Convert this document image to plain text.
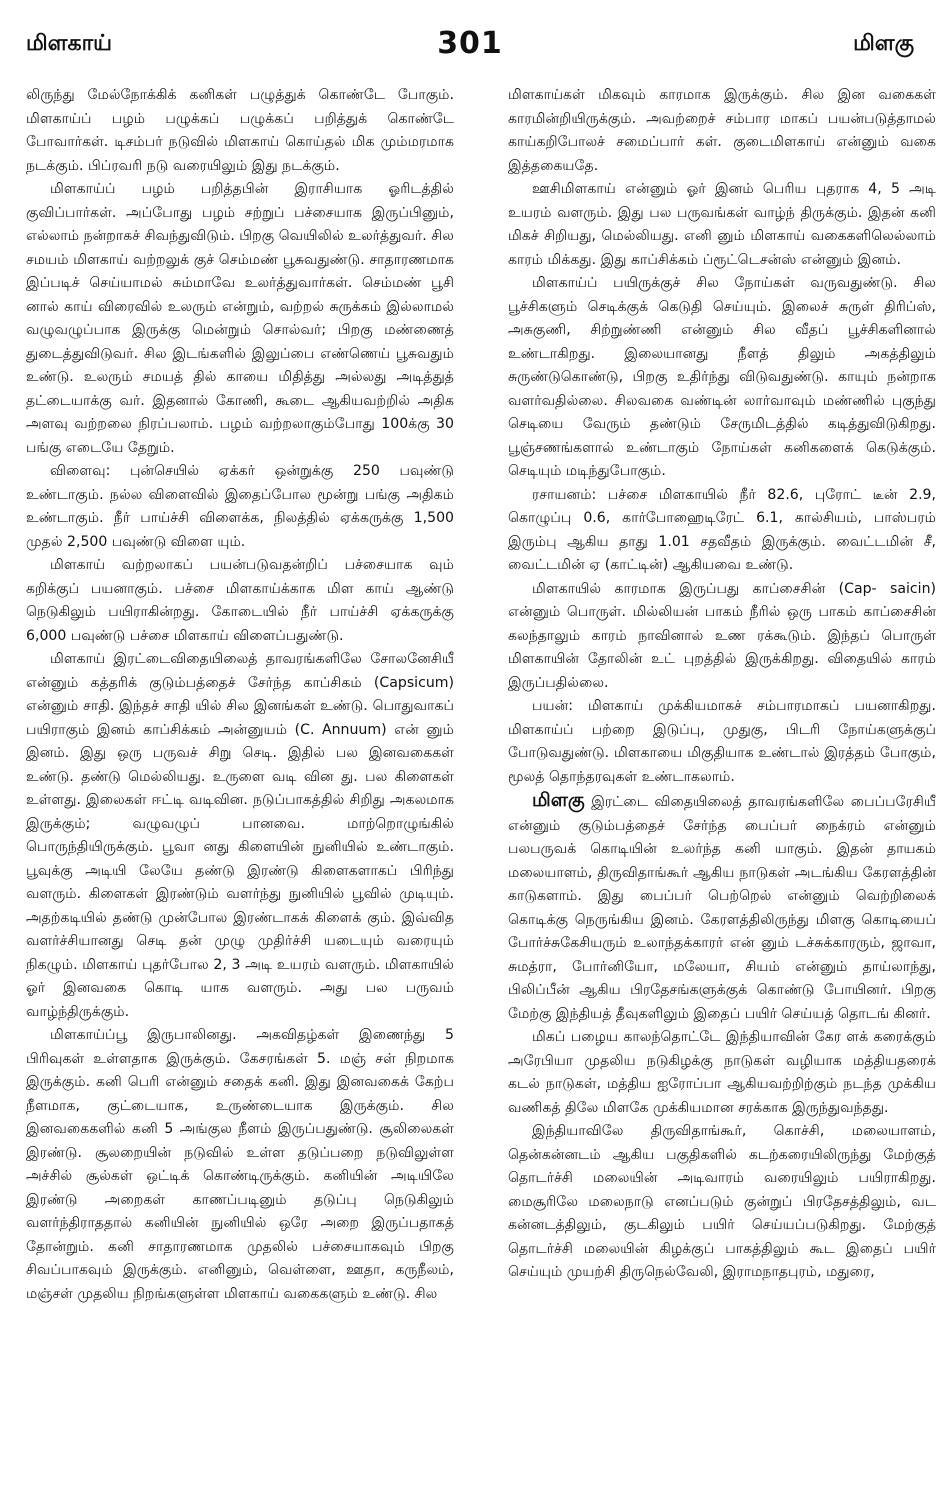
மிளகாய்	301	மிளகு

லிருந்து மேல்நோக்கிக் கனிகள் பழுத்துக் கொண்டே போகும். மிளகாய்ப் பழம் பழுக்கப் பழுக்கப் பறித்துக் கொண்டே போவார்கள். டிசம்பர் நடுவில் மிளகாய் கொய்தல் மிக மும்மரமாக நடக்கும். பிப்ரவரி நடு வரையிலும் இது நடக்கும்.

மிளகாய்ப் பழம் பறித்தபின் இராசியாக ஓரிடத்தில் குவிப்பார்கள். அப்போது பழம் சற்றுப் பச்சையாக இருப்பினும், எல்லாம் நன்றாகச் சிவந்துவிடும். பிறகு வெயிலில் உலர்த்துவர். சில சமயம் மிளகாய் வற்றலுக் குச் செம்மண் பூசுவதுண்டு. சாதாரணமாக இப்படிச் செய்யாமல் சும்மாவே உலர்த்துவார்கள். செம்மண் பூசி னால் காய் விரைவில் உலரும் என்றும், வற்றல் சுருக்கம் இல்லாமல் வழுவழுப்பாக இருக்கு மென்றும் சொல்வர்; பிறகு மண்ணைத் துடைத்துவிடுவர். சில இடங்களில் இலுப்பை எண்ணெய் பூசுவதும் உண்டு. உலரும் சமயத் தில் காயை மிதித்து அல்லது அடித்துத் தட்டையாக்கு வர். இதனால் கோணி, கூடை ஆகியவற்றில் அதிக அளவு வற்றலை நிரப்பலாம். பழம் வற்றலாகும்போது 100க்கு 30 பங்கு எடையே தேறும்.

விளைவு: புன்செயில் ஏக்கர் ஒன்றுக்கு 250 பவுண்டு உண்டாகும். நல்ல விளைவில் இதைப்போல மூன்று பங்கு அதிகம் உண்டாகும். நீர் பாய்ச்சி விளைக்க, நிலத்தில் ஏக்கருக்கு 1,500 முதல் 2,500 பவுண்டு விளை யும்.

மிளகாய் வற்றலாகப் பயன்படுவதன்றிப் பச்சையாக வும் கறிக்குப் பயனாகும். பச்சை மிளகாய்க்காக மிள காய் ஆண்டு நெடுகிலும் பயிராகின்றது. கோடையில் நீர் பாய்ச்சி ஏக்கருக்கு 6,000 பவுண்டு பச்சை மிளகாய் விளைப்பதுண்டு.

மிளகாய் இரட்டைவிதையிலைத் தாவரங்களிலே சோலனேசியீ என்னும் கத்தரிக் குடும்பத்தைச் சேர்ந்த காப்சிகம் (Capsicum) என்னும் சாதி. இந்தச் சாதி யில் சில இனங்கள் உண்டு. பொதுவாகப் பயிராகும் இனம் காப்சிக்கம் அன்னுயம் (C. Annuum) என் னும் இனம். இது ஒரு பருவச் சிறு செடி. இதில் பல இனவகைகள் உண்டு. தண்டு மெல்லியது. உருளை வடி வின து. பல கிளைகள் உள்ளது. இலைகள் ஈட்டி வடிவின. நடுப்பாகத்தில் சிறிது அகலமாக இருக்கும்; வழுவழுப் பானவை. மாற்றொழுங்கில் பொருந்தியிருக்கும். பூவா னது கிளையின் நுனியில் உண்டாகும். பூவுக்கு அடியி லேயே தண்டு இரண்டு கிளைகளாகப் பிரிந்து வளரும். கிளைகள் இரண்டும் வளர்ந்து நுனியில் பூவில் முடியும். அதற்கடியில் தண்டு முன்போல இரண்டாகக் கிளைக் கும். இவ்வித வளர்ச்சியானது செடி தன் முழு முதிர்ச்சி யடையும் வரையும் நிகழும். மிளகாய் புதர்போல 2, 3 அடி உயரம் வளரும். மிளகாயில் ஓர் இனவகை கொடி யாக வளரும். அது பல பருவம் வாழ்ந்திருக்கும்.

மிளகாய்ப்பூ இருபாலினது. அகவிதழ்கள் இணைந்து 5 பிரிவுகள் உள்ளதாக இருக்கும். கேசரங்கள் 5. மஞ் சள் நிறமாக இருக்கும். கனி பெரி என்னும் சதைக் கனி. இது இனவகைக் கேற்ப நீளமாக, குட்டையாக, உருண்டையாக இருக்கும். சில இனவகைகளில் கனி 5 அங்குல நீளம் இருப்பதுண்டு. சூலிலைகள் இரண்டு. சூலறையின் நடுவில் உள்ள தடுப்பறை நடுவிலுள்ள அச்சில் சூல்கள் ஒட்டிக் கொண்டிருக்கும். கனியின் அடியிலே இரண்டு அறைகள் காணப்படினும் தடுப்பு நெடுகிலும் வளர்ந்திராததால் கனியின் நுனியில் ஒரே அறை இருப்பதாகத் தோன்றும். கனி சாதாரணமாக முதலில் பச்சையாகவும் பிறகு சிவப்பாகவும் இருக்கும். எனினும், வெள்ளை, ஊதா, கருநீலம், மஞ்சள் முதலிய நிறங்களுள்ள மிளகாய் வகைகளும் உண்டு. சில

மிளகாய்கள் மிகவும் காரமாக இருக்கும். சில இன வகைகள் காரமின்றியிருக்கும். அவற்றைச் சம்பார மாகப் பயன்படுத்தாமல் காய்கறிபோலச் சமைப்பார் கள். குடைமிளகாய் என்னும் வகை இத்தகையதே.

ஊசிமிளகாய் என்னும் ஓர் இனம் பெரிய புதராக 4, 5 அடி உயரம் வளரும். இது பல பருவங்கள் வாழ்ந் திருக்கும். இதன் கனி மிகச் சிறியது, மெல்லியது. எனி னும் மிளகாய் வகைகளிலெல்லாம் காரம் மிக்கது. இது காப்சிக்கம் ப்ரூட்டெசன்ஸ் என்னும் இனம்.

மிளகாய்ப் பயிருக்குச் சில நோய்கள் வருவதுண்டு. சில பூச்சிகளும் செடிக்குக் கெடுதி செய்யும். இலைச் சுருள் திரிப்ஸ், அசுகுணி, சிற்றுண்ணி என்னும் சில வீதப் பூச்சிகளினால் உண்டாகிறது. இலையானது நீளத் திலும் அகத்திலும் சுருண்டுகொண்டு, பிறகு உதிர்ந்து விடுவதுண்டு. காயும் நன்றாக வளர்வதில்லை. சிலவகை வண்டின் லார்வாவும் மண்ணில் புகுந்து செடியை வேரும் தண்டும் சேருமிடத்தில் கடித்துவிடுகிறது. பூஞ்சணங்களால் உண்டாகும் நோய்கள் கனிகளைக் கெடுக்கும். செடியும் மடிந்துபோகும்.

ரசாயனம்: பச்சை மிளகாயில் நீர் 82.6, புரோட் டீன் 2.9, கொழுப்பு 0.6, கார்போஹைடிரேட் 6.1, கால்சியம், பாஸ்பரம் இரும்பு ஆகிய தாது 1.01 சதவீதம் இருக்கும். வைட்டமின் சீ, வைட்டமின் ஏ (காட்டின்) ஆகியவை உண்டு.

மிளகாயில் காரமாக இருப்பது காப்சைசின் (Cap- saicin) என்னும் பொருள். மில்லியன் பாகம் நீரில் ஒரு பாகம் காப்சைசின் கலந்தாலும் காரம் நாவினால் உண ரக்கூடும். இந்தப் பொருள் மிளகாயின் தோலின் உட் புறத்தில் இருக்கிறது. விதையில் காரம் இருப்பதில்லை.

பயன்: மிளகாய் முக்கியமாகச் சம்பாரமாகப் பயனாகிறது. மிளகாய்ப் பற்றை இடுப்பு, முதுகு, பிடரி நோய்களுக்குப் போடுவதுண்டு. மிளகாயை மிகுதியாக உண்டால் இரத்தம் போகும், மூலத் தொந்தரவுகள் உண்டாகலாம்.

மிளகு இரட்டை விதையிலைத் தாவரங்களிலே பைப்பரேசியீ என்னும் குடும்பத்தைச் சேர்ந்த பைப்பர் நைக்ரம் என்னும் பலபருவக் கொடியின் உலர்ந்த கனி யாகும். இதன் தாயகம் மலையாளம், திருவிதாங்கூர் ஆகிய நாடுகள் அடங்கிய கேரளத்தின் காடுகளாம். இது பைப்பர் பெற்றெல் என்னும் வெற்றிலைக் கொடிக்கு நெருங்கிய இனம். கேரளத்திலிருந்து மிளகு கொடியைப் போர்ச்சுகேசியரும் உலாந்தக்காரர் என் னும் டச்சுக்காரரும், ஜாவா, சுமத்ரா, போர்னியோ, மலேயா, சியம் என்னும் தாய்லாந்து, பிலிப்பீன் ஆகிய பிரதேசங்களுக்குக் கொண்டு போயினர். பிறகு மேற்கு இந்தியத் தீவுகளிலும் இதைப் பயிர் செய்யத் தொடங் கினர்.

மிகப் பழைய காலந்தொட்டே இந்தியாவின் கேர ளக் கரைக்கும் அரேபியா முதலிய நடுகிழக்கு நாடுகள் வழியாக மத்தியதரைக் கடல் நாடுகள், மத்திய ஐரோப்பா ஆகியவற்றிற்கும் நடந்த முக்கிய வணிகத் திலே மிளகே முக்கியமான சரக்காக இருந்துவந்தது.

இந்தியாவிலே திருவிதாங்கூர், கொச்சி, மலையாளம், தென்கன்னடம் ஆகிய பகுதிகளில் கடற்கரையிலிருந்து மேற்குத் தொடர்ச்சி மலையின் அடிவாரம் வரையிலும் பயிராகிறது. மைசூரிலே மலைநாடு எனப்படும் குன்றுப் பிரதேசத்திலும், வட கன்னடத்திலும், குடகிலும் பயிர் செய்யப்படுகிறது. மேற்குத் தொடர்ச்சி மலையின் கிழக்குப் பாகத்திலும் கூட இதைப் பயிர் செய்யும் முயற்சி திருநெல்வேலி, இராமநாதபுரம், மதுரை,
